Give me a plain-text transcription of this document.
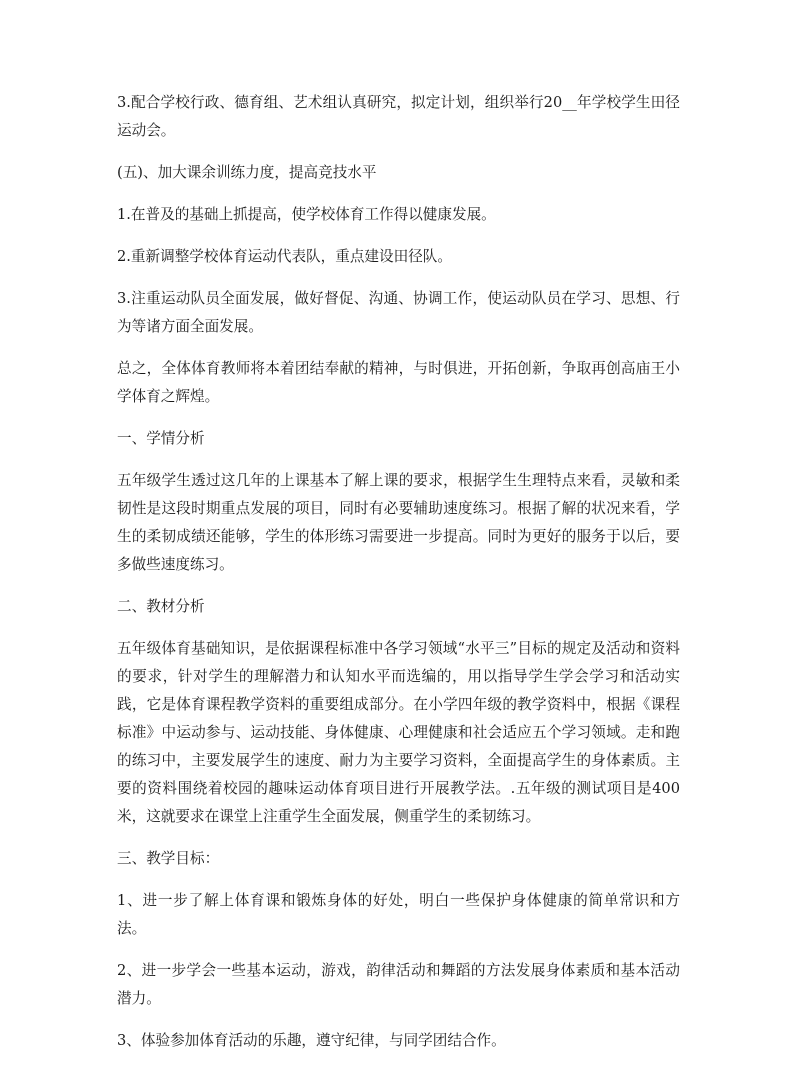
3.配合学校行政、德育组、艺术组认真研究，拟定计划，组织举行20__年学校学生田径运动会。

(五)、加大课余训练力度，提高竞技水平

1.在普及的基础上抓提高，使学校体育工作得以健康发展。

2.重新调整学校体育运动代表队，重点建设田径队。

3.注重运动队员全面发展，做好督促、沟通、协调工作，使运动队员在学习、思想、行为等诸方面全面发展。

总之，全体体育教师将本着团结奉献的精神，与时俱进，开拓创新，争取再创高庙王小学体育之辉煌。

一、学情分析

五年级学生透过这几年的上课基本了解上课的要求，根据学生生理特点来看，灵敏和柔韧性是这段时期重点发展的项目，同时有必要辅助速度练习。根据了解的状况来看，学生的柔韧成绩还能够，学生的体形练习需要进一步提高。同时为更好的服务于以后，要多做些速度练习。

二、教材分析

五年级体育基础知识，是依据课程标准中各学习领域“水平三”目标的规定及活动和资料的要求，针对学生的理解潜力和认知水平而选编的，用以指导学生学会学习和活动实践，它是体育课程教学资料的重要组成部分。在小学四年级的教学资料中，根据《课程标准》中运动参与、运动技能、身体健康、心理健康和社会适应五个学习领域。走和跑的练习中，主要发展学生的速度、耐力为主要学习资料，全面提高学生的身体素质。主要的资料围绕着校园的趣味运动体育项目进行开展教学法。.五年级的测试项目是400米，这就要求在课堂上注重学生全面发展，侧重学生的柔韧练习。

三、教学目标：

1、进一步了解上体育课和锻炼身体的好处，明白一些保护身体健康的简单常识和方法。

2、进一步学会一些基本运动，游戏，韵律活动和舞蹈的方法发展身体素质和基本活动潜力。

3、体验参加体育活动的乐趣，遵守纪律，与同学团结合作。
